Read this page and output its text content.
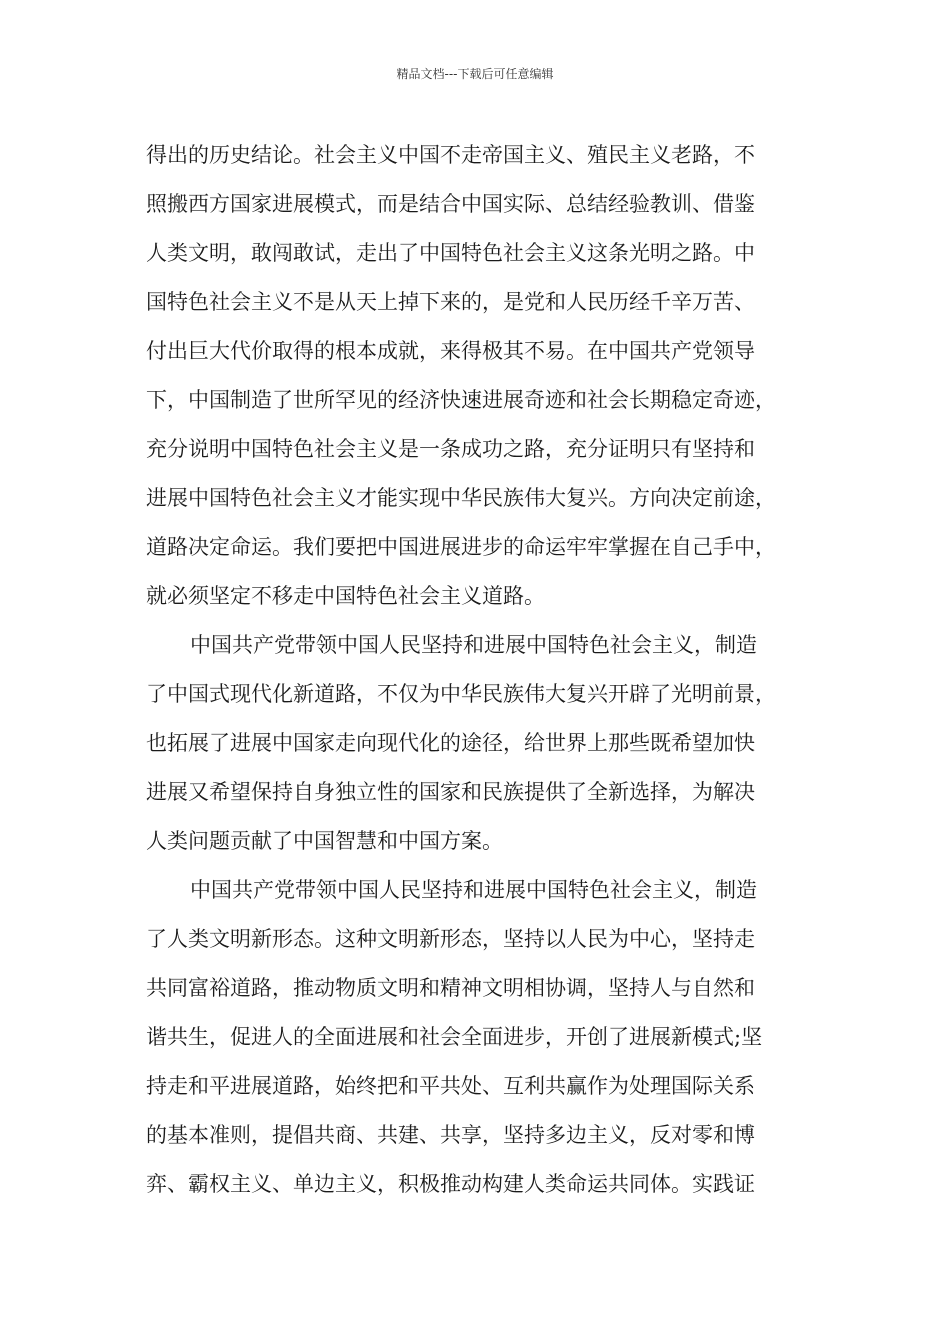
精品文档---下载后可任意编辑
得出的历史结论。社会主义中国不走帝国主义、殖民主义老路，不
照搬西方国家进展模式，而是结合中国实际、总结经验教训、借鉴
人类文明，敢闯敢试，走出了中国特色社会主义这条光明之路。中
国特色社会主义不是从天上掉下来的，是党和人民历经千辛万苦、
付出巨大代价取得的根本成就，来得极其不易。在中国共产党领导
下，中国制造了世所罕见的经济快速进展奇迹和社会长期稳定奇迹，
充分说明中国特色社会主义是一条成功之路，充分证明只有坚持和
进展中国特色社会主义才能实现中华民族伟大复兴。方向决定前途，
道路决定命运。我们要把中国进展进步的命运牢牢掌握在自己手中，
就必须坚定不移走中国特色社会主义道路。
中国共产党带领中国人民坚持和进展中国特色社会主义，制造
了中国式现代化新道路，不仅为中华民族伟大复兴开辟了光明前景，
也拓展了进展中国家走向现代化的途径，给世界上那些既希望加快
进展又希望保持自身独立性的国家和民族提供了全新选择，为解决
人类问题贡献了中国智慧和中国方案。
中国共产党带领中国人民坚持和进展中国特色社会主义，制造
了人类文明新形态。这种文明新形态，坚持以人民为中心，坚持走
共同富裕道路，推动物质文明和精神文明相协调，坚持人与自然和
谐共生，促进人的全面进展和社会全面进步，开创了进展新模式;坚
持走和平进展道路，始终把和平共处、互利共赢作为处理国际关系
的基本准则，提倡共商、共建、共享，坚持多边主义，反对零和博
弈、霸权主义、单边主义，积极推动构建人类命运共同体。实践证
